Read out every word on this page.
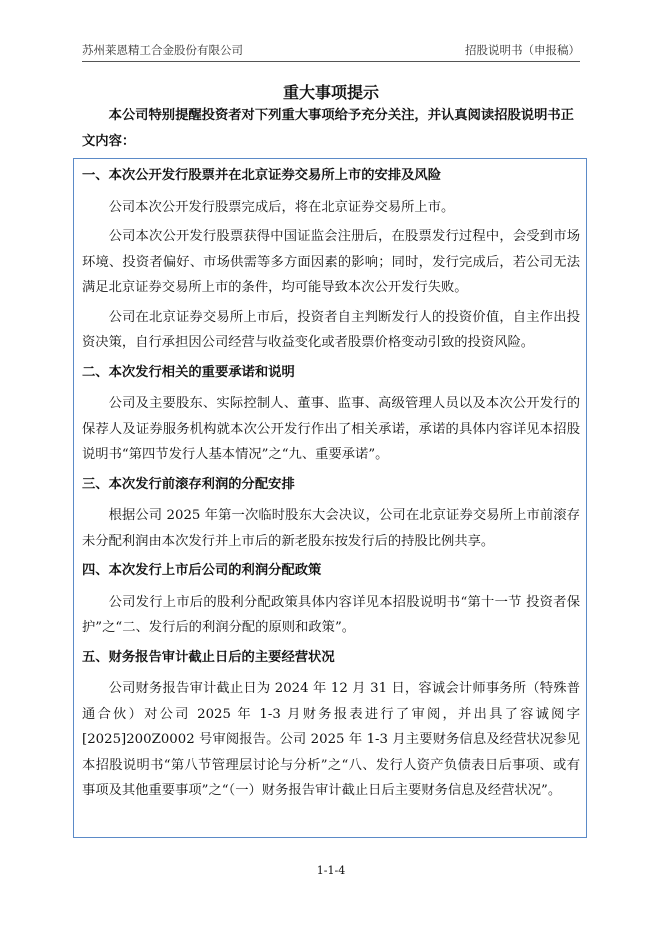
苏州莱恩精工合金股份有限公司	招股说明书（申报稿）
重大事项提示
本公司特别提醒投资者对下列重大事项给予充分关注，并认真阅读招股说明书正文内容：
一、本次公开发行股票并在北京证券交易所上市的安排及风险
公司本次公开发行股票完成后，将在北京证券交易所上市。
公司本次公开发行股票获得中国证监会注册后，在股票发行过程中，会受到市场环境、投资者偏好、市场供需等多方面因素的影响；同时，发行完成后，若公司无法满足北京证券交易所上市的条件，均可能导致本次公开发行失败。
公司在北京证券交易所上市后，投资者自主判断发行人的投资价值，自主作出投资决策，自行承担因公司经营与收益变化或者股票价格变动引致的投资风险。
二、本次发行相关的重要承诺和说明
公司及主要股东、实际控制人、董事、监事、高级管理人员以及本次公开发行的保荐人及证券服务机构就本次公开发行作出了相关承诺，承诺的具体内容详见本招股说明书“第四节发行人基本情况”之“九、重要承诺”。
三、本次发行前滚存利润的分配安排
根据公司 2025 年第一次临时股东大会决议，公司在北京证券交易所上市前滚存未分配利润由本次发行并上市后的新老股东按发行后的持股比例共享。
四、本次发行上市后公司的利润分配政策
公司发行上市后的股利分配政策具体内容详见本招股说明书“第十一节 投资者保护”之“二、发行后的利润分配的原则和政策”。
五、财务报告审计截止日后的主要经营状况
公司财务报告审计截止日为 2024 年 12 月 31 日，容诚会计师事务所（特殊普通合伙）对公司 2025 年 1-3 月财务报表进行了审阅，并出具了容诚阅字[2025]200Z0002 号审阅报告。公司 2025 年 1-3 月主要财务信息及经营状况参见本招股说明书“第八节管理层讨论与分析”之“八、发行人资产负债表日后事项、或有事项及其他重要事项”之“（一）财务报告审计截止日后主要财务信息及经营状况”。
1-1-4
